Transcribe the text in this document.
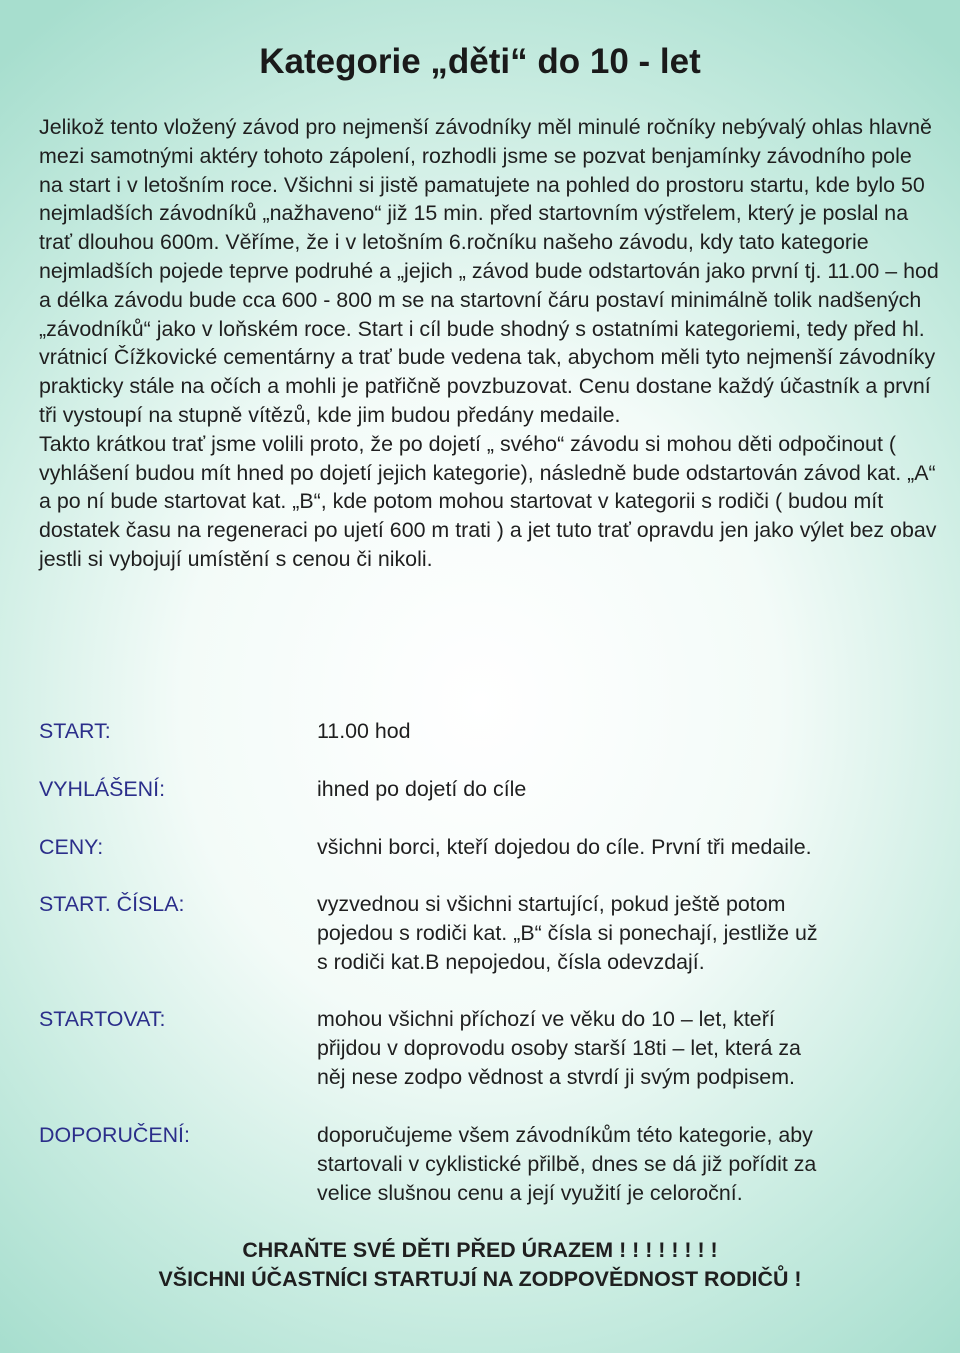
Kategorie „děti“ do 10 - let

Jelikož tento vložený závod pro nejmenší závodníky měl minulé ročníky nebývalý ohlas hlavně mezi samotnými aktéry tohoto zápolení, rozhodli jsme se pozvat benjamínky závodního pole na start i v letošním roce. Všichni si jistě pamatujete na pohled do prostoru startu, kde bylo 50 nejmladších závodníků „nažhaveno“ již 15 min. před startovním výstřelem, který je poslal na trať dlouhou 600m. Věříme, že i v letošním 6.ročníku našeho závodu, kdy tato kategorie nejmladších pojede teprve podruhé a „jejich „ závod bude odstartován jako první tj. 11.00 – hod a délka závodu bude cca 600 - 800 m se na startovní čáru postaví minimálně tolik nadšených „závodníků“ jako v loňském roce. Start i cíl bude shodný s ostatními kategoriemi, tedy před hl. vrátnicí Čížkovické cementárny a trať bude vedena tak, abychom měli tyto nejmenší závodníky prakticky stále na očích a mohli je patřičně povzbuzovat. Cenu dostane každý účastník a první tři vystoupí na stupně vítězů, kde jim budou předány medaile.

Takto krátkou trať jsme volili proto, že po dojetí „ svého“ závodu si mohou děti odpočinout ( vyhlášení budou mít hned po dojetí jejich kategorie), následně bude odstartován závod kat. „A“ a po ní bude startovat kat. „B“, kde potom mohou startovat v kategorii s rodiči ( budou mít dostatek času na regeneraci po ujetí 600 m trati ) a jet tuto trať opravdu jen jako výlet bez obav jestli si vybojují umístění s cenou či nikoli.

START:	11.00 hod
VYHLÁŠENÍ:	ihned po dojetí do cíle
CENY:	všichni borci, kteří dojedou do cíle. První tři medaile.
START. ČÍSLA:	vyzvednou si všichni startující, pokud ještě potom
pojedou s rodiči kat. „B“ čísla si ponechají, jestliže už
s rodiči kat.B nepojedou, čísla odevzdají.
STARTOVAT:	mohou všichni příchozí ve věku do 10 – let, kteří
přijdou v doprovodu osoby starší 18ti – let, která za
něj nese zodpo vědnost a stvrdí ji svým podpisem.
DOPORUČENÍ:	doporučujeme všem závodníkům této kategorie, aby
startovali v cyklistické přilbě, dnes se dá již pořídit za
velice slušnou cenu a její využití je celoroční.
CHRAŇTE SVÉ DĚTI PŘED ÚRAZEM ! ! ! ! ! ! ! !
VŠICHNI ÚČASTNÍCI STARTUJÍ NA ZODPOVĚDNOST RODIČŮ !
